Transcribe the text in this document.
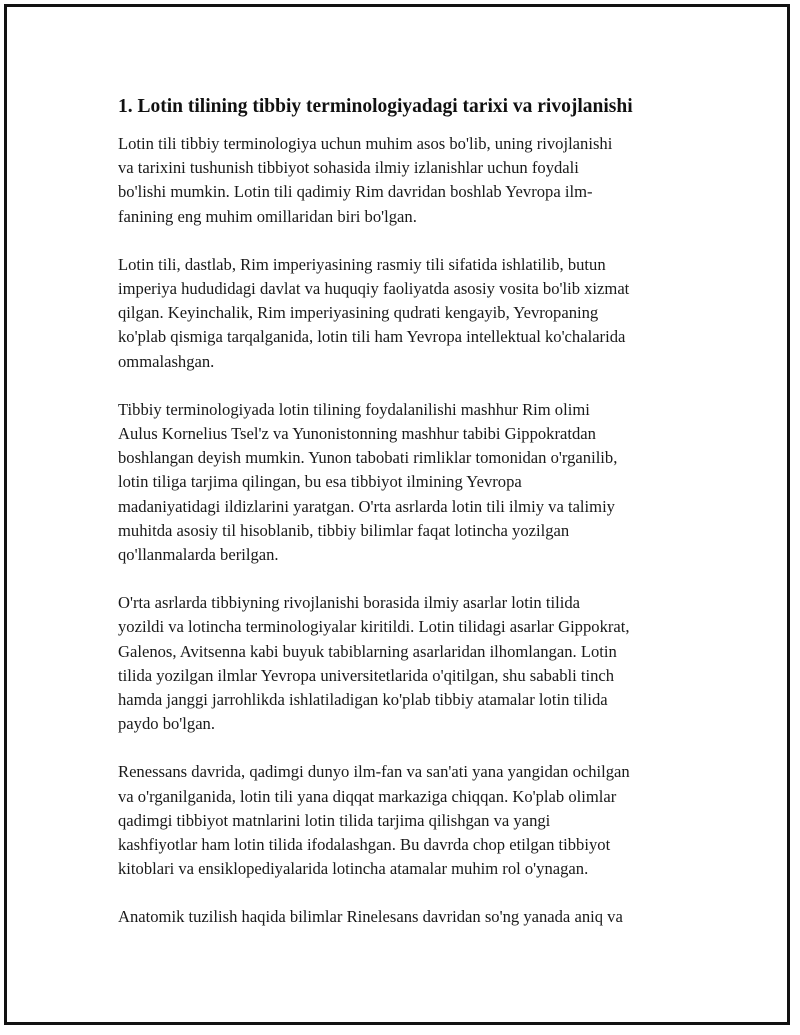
1. Lotin tilining tibbiy terminologiyadagi tarixi va rivojlanishi

Lotin tili tibbiy terminologiya uchun muhim asos bo'lib, uning rivojlanishi
va tarixini tushunish tibbiyot sohasida ilmiy izlanishlar uchun foydali
bo'lishi mumkin. Lotin tili qadimiy Rim davridan boshlab Yevropa ilm-
fanining eng muhim omillaridan biri bo'lgan.

Lotin tili, dastlab, Rim imperiyasining rasmiy tili sifatida ishlatilib, butun
imperiya hududidagi davlat va huquqiy faoliyatda asosiy vosita bo'lib xizmat
qilgan. Keyinchalik, Rim imperiyasining qudrati kengayib, Yevropaning
ko'plab qismiga tarqalganida, lotin tili ham Yevropa intellektual ko'chalarida
ommalashgan.

Tibbiy terminologiyada lotin tilining foydalanilishi mashhur Rim olimi
Aulus Kornelius Tsel'z va Yunonistonning mashhur tabibi Gippokratdan
boshlangan deyish mumkin. Yunon tabobati rimliklar tomonidan o'rganilib,
lotin tiliga tarjima qilingan, bu esa tibbiyot ilmining Yevropa
madaniyatidagi ildizlarini yaratgan. O'rta asrlarda lotin tili ilmiy va talimiy
muhitda asosiy til hisoblanib, tibbiy bilimlar faqat lotincha yozilgan
qo'llanmalarda berilgan.

O'rta asrlarda tibbiyning rivojlanishi borasida ilmiy asarlar lotin tilida
yozildi va lotincha terminologiyalar kiritildi. Lotin tilidagi asarlar Gippokrat,
Galenos, Avitsenna kabi buyuk tabiblarning asarlaridan ilhomlangan. Lotin
tilida yozilgan ilmlar Yevropa universitetlarida o'qitilgan, shu sababli tinch
hamda janggi jarrohlikda ishlatiladigan ko'plab tibbiy atamalar lotin tilida
paydo bo'lgan.

Renessans davrida, qadimgi dunyo ilm-fan va san'ati yana yangidan ochilgan
va o'rganilganida, lotin tili yana diqqat markaziga chiqqan. Ko'plab olimlar
qadimgi tibbiyot matnlarini lotin tilida tarjima qilishgan va yangi
kashfiyotlar ham lotin tilida ifodalashgan. Bu davrda chop etilgan tibbiyot
kitoblari va ensiklopediyalarida lotincha atamalar muhim rol o'ynagan.

Anatomik tuzilish haqida bilimlar Rinelesans davridan so'ng yanada aniq va
